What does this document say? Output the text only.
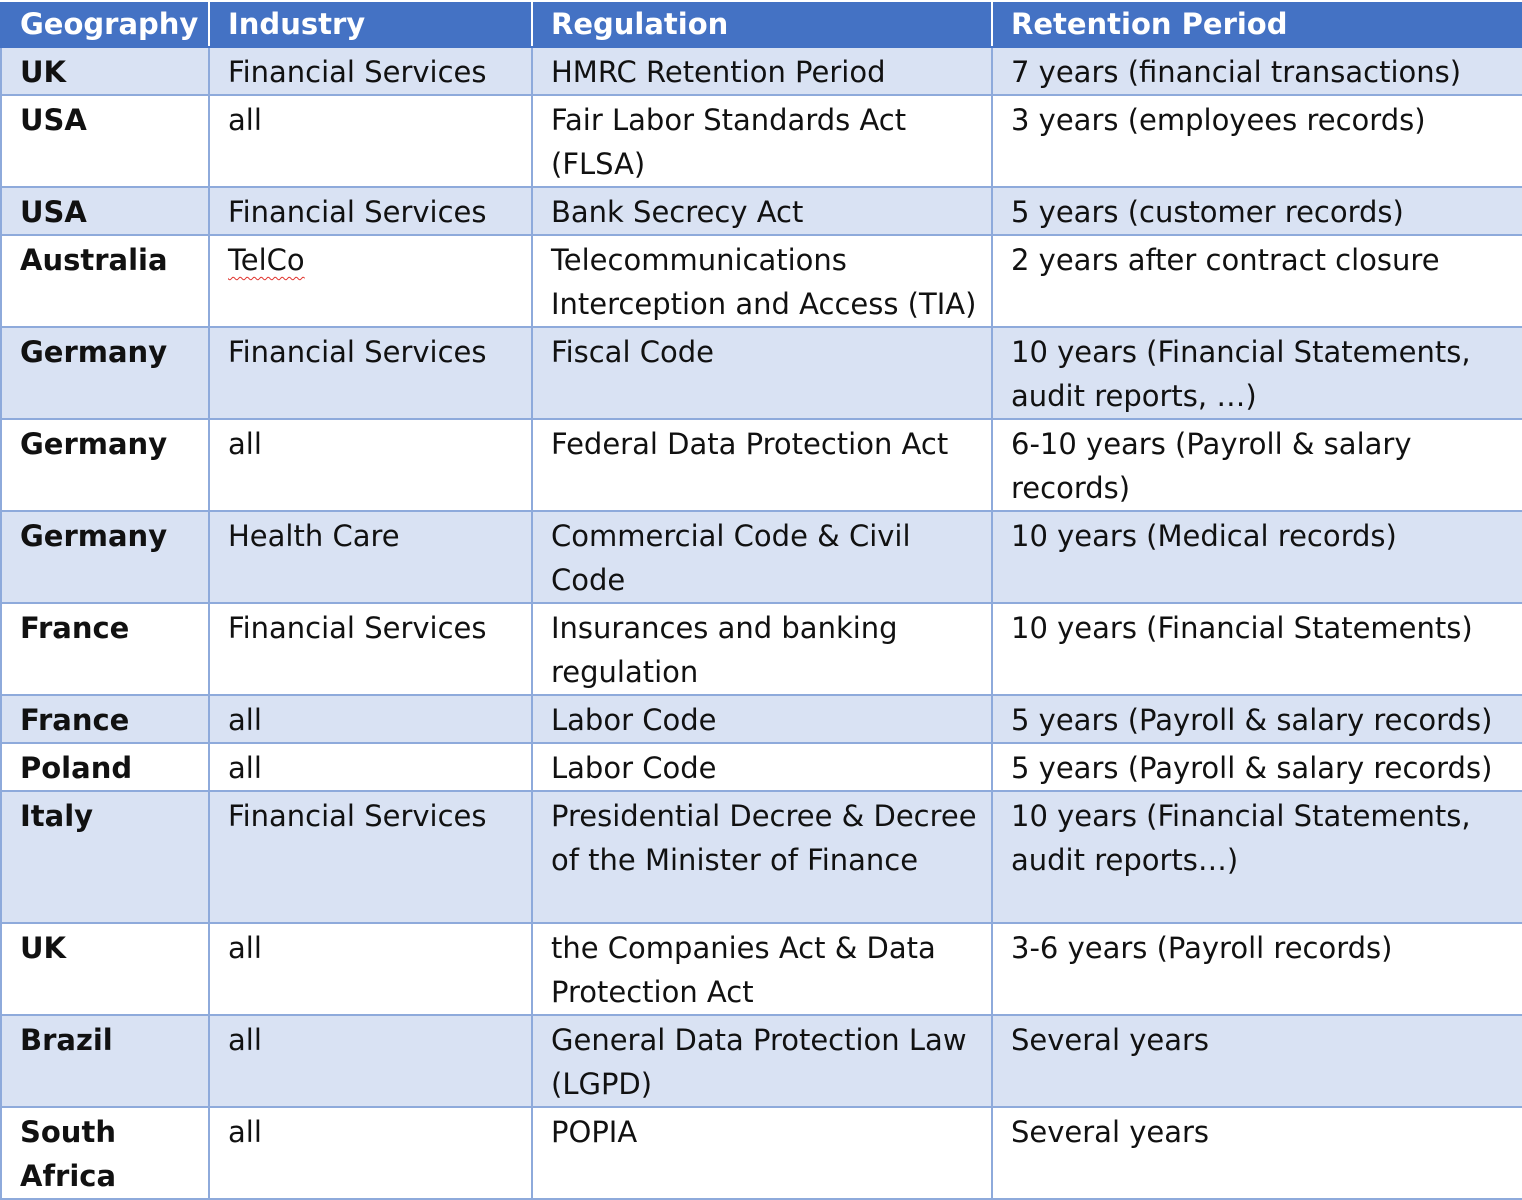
Geography	Industry	Regulation	Retention Period
UK	Financial Services	HMRC Retention Period	7 years (financial transactions)
USA	all	Fair Labor Standards Act (FLSA)	3 years (employees records)
USA	Financial Services	Bank Secrecy Act	5 years (customer records)
Australia	TelCo	Telecommunications Interception and Access (TIA)	2 years after contract closure
Germany	Financial Services	Fiscal Code	10 years (Financial Statements, audit reports, …)
Germany	all	Federal Data Protection Act	6-10 years (Payroll & salary records)
Germany	Health Care	Commercial Code & Civil Code	10 years (Medical records)
France	Financial Services	Insurances and banking regulation	10 years (Financial Statements)
France	all	Labor Code	5 years (Payroll & salary records)
Poland	all	Labor Code	5 years (Payroll & salary records)
Italy	Financial Services	Presidential Decree & Decree of the Minister of Finance	10 years (Financial Statements, audit reports…)
UK	all	the Companies Act & Data Protection Act	3-6 years (Payroll records)
Brazil	all	General Data Protection Law (LGPD)	Several years
South Africa	all	POPIA	Several years
